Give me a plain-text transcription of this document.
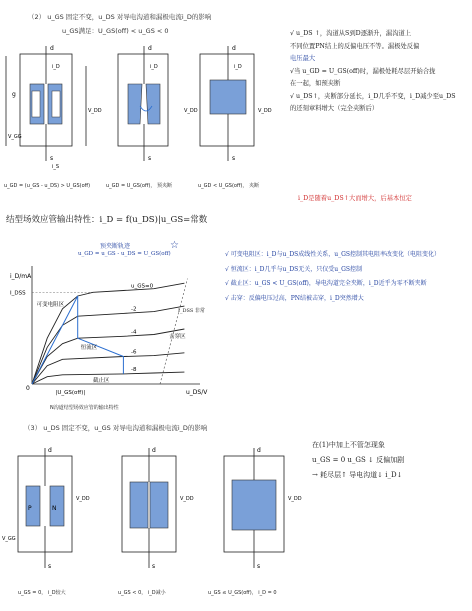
（2） u_GS 固定不变，u_DS 对导电沟道和漏极电流i_D的影响
u_GS满足：U_GS(off) < u_GS < 0
g
d
s
V_DD
V_GG
i_D
i_S
d
s
V_DD
i_D
d
s
V_DD
i_D
u_GD = (u_GS - u_DS) > U_GS(off)	u_GD = U_GS(off)， 预夹断	u_GD < U_GS(off)， 夹断
√ u_DS ↑，沟道从S到D逐渐升，漏沟道上
不同位置PN结上的反偏电压不等。漏极处反偏
电压最大
√当 u_GD = U_GS(off)时，漏极处耗尽层开始合拢
在一起，如预夹断
√ u_DS↑，夹断部分延长，i_D几乎不变，i_D减少至u_DS
的还刻章料增大（完全夹断后）
i_D是随着u_DS↑大而增大，后基本恒定
结型场效应管输出特性：i_D = f(u_DS)|u_GS=常数
预夹断轨迹
u_GD = u_GS - u_DS = U_GS(off)
☆
i_D/mA
u_DS/V
I_DSS
|U_GS(off)|
u_GS=0
-2
-4
-6
-8
可变电阻区
恒流区
截止区
击穿区
0
N沟道结型场效应管的输出特性
I_DSS 非常
√ 可变电阻区：i_D与u_DS成线性关系，u_GS控制其电阻率改变化（电阻变化）
√ 恒流区：i_D几乎与u_DS无关，只仅受u_GS控制
√ 截止区：u_GS < U_GS(off)，导电沟道完全夹断，i_D近乎为零不断夹断
√ 击穿：反偏电压过高，PN结被击穿，i_D突然增大
（3） u_DS 固定不变，u_GS 对导电沟道和漏极电流i_D的影响
d
s
N
P
V_DD
V_GG
d
s
V_DD
d
s
V_DD
u_GS = 0， i_D较大	u_GS < 0， i_D减小	u_GS ≤ U_GS(off)， i_D = 0
在(1)中加上不管怎现象
u_GS = 0 u_GS ↓ 反偏加剧
→ 耗尽层↑ 导电沟道↓ i_D↓
